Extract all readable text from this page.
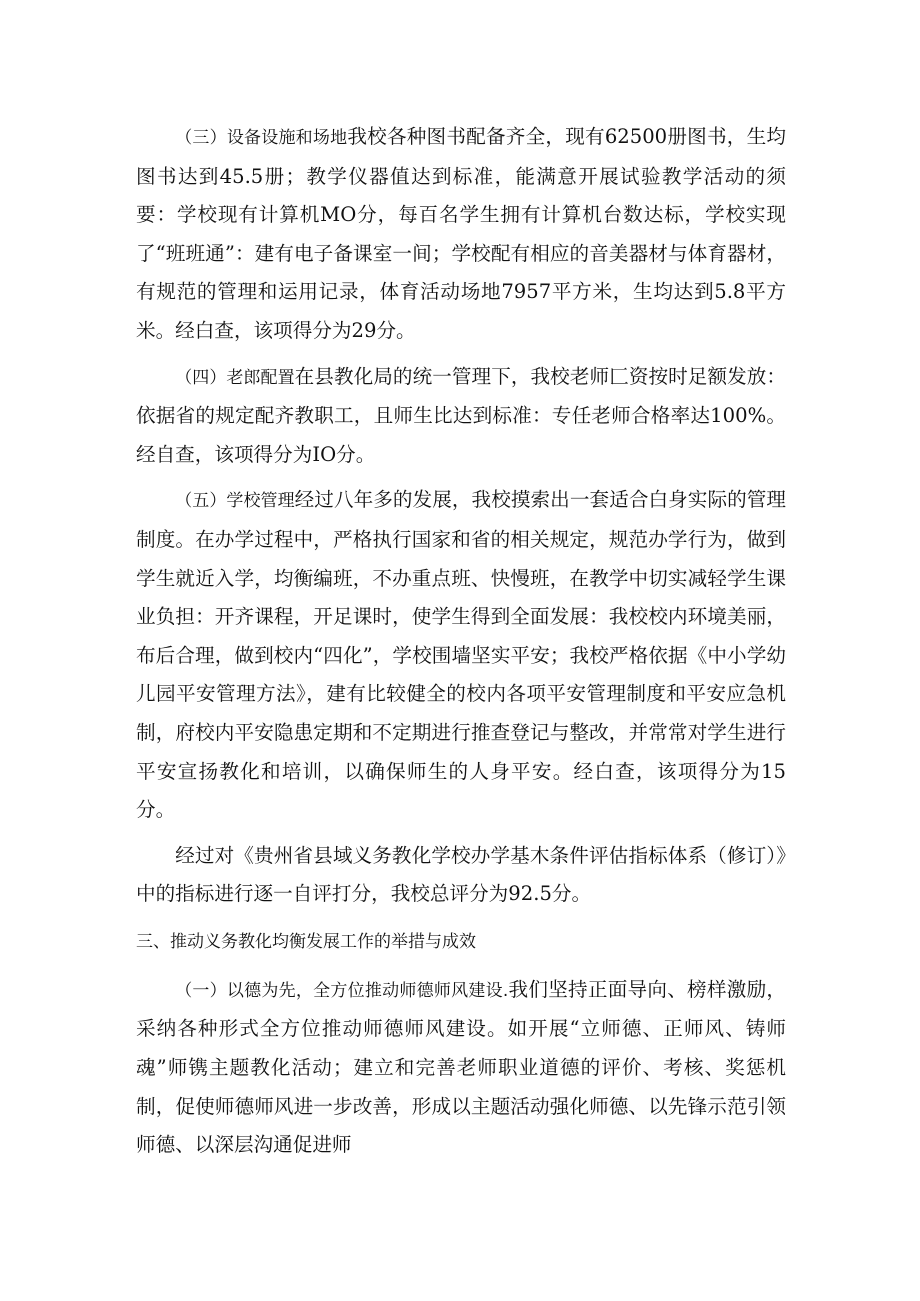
（三）设备设施和场地我校各种图书配备齐全，现有62500册图书，生均图书达到45.5册；教学仪器值达到标准，能满意开展试验教学活动的须要：学校现有计算机MO分，每百名学生拥有计算机台数达标，学校实现了“班班通”：建有电子备课室一间；学校配有相应的音美器材与体育器材，有规范的管理和运用记录，体育活动场地7957平方米，生均达到5.8平方米。经白查，该项得分为29分。

（四）老郎配置在县教化局的统一管理下，我校老师匚资按时足额发放：依据省的规定配齐教职工，且师生比达到标准：专任老师合格率达100%。经自查，该项得分为IO分。

（五）学校管理经过八年多的发展，我校摸索出一套适合白身实际的管理制度。在办学过程中，严格执行国家和省的相关规定，规范办学行为，做到学生就近入学，均衡编班，不办重点班、快慢班，在教学中切实减轻学生课业负担：开齐课程，开足课时，使学生得到全面发展：我校校内环境美丽，布后合理，做到校内“四化”，学校围墙坚实平安；我校严格依据《中小学幼儿园平安管理方法》，建有比较健全的校内各项平安管理制度和平安应急机制，府校内平安隐患定期和不定期进行推查登记与整改，并常常对学生进行平安宣扬教化和培训，以确保师生的人身平安。经白查，该项得分为15分。

经过对《贵州省县域义务教化学校办学基木条件评估指标体系（修订）》中的指标进行逐一自评打分，我校总评分为92.5分。

三、推动义务教化均衡发展工作的举措与成效

（一）以德为先，全方位推动师德师风建设.我们坚持正面导向、榜样激励，采纳各种形式全方位推动师德师风建设。如开展“立师德、正师风、铸师魂”师镌主题教化活动；建立和完善老师职业道德的评价、考核、奖惩机制，促使师德师风进一步改善，形成以主题活动强化师德、以先锋示范引领师德、以深层沟通促进师
